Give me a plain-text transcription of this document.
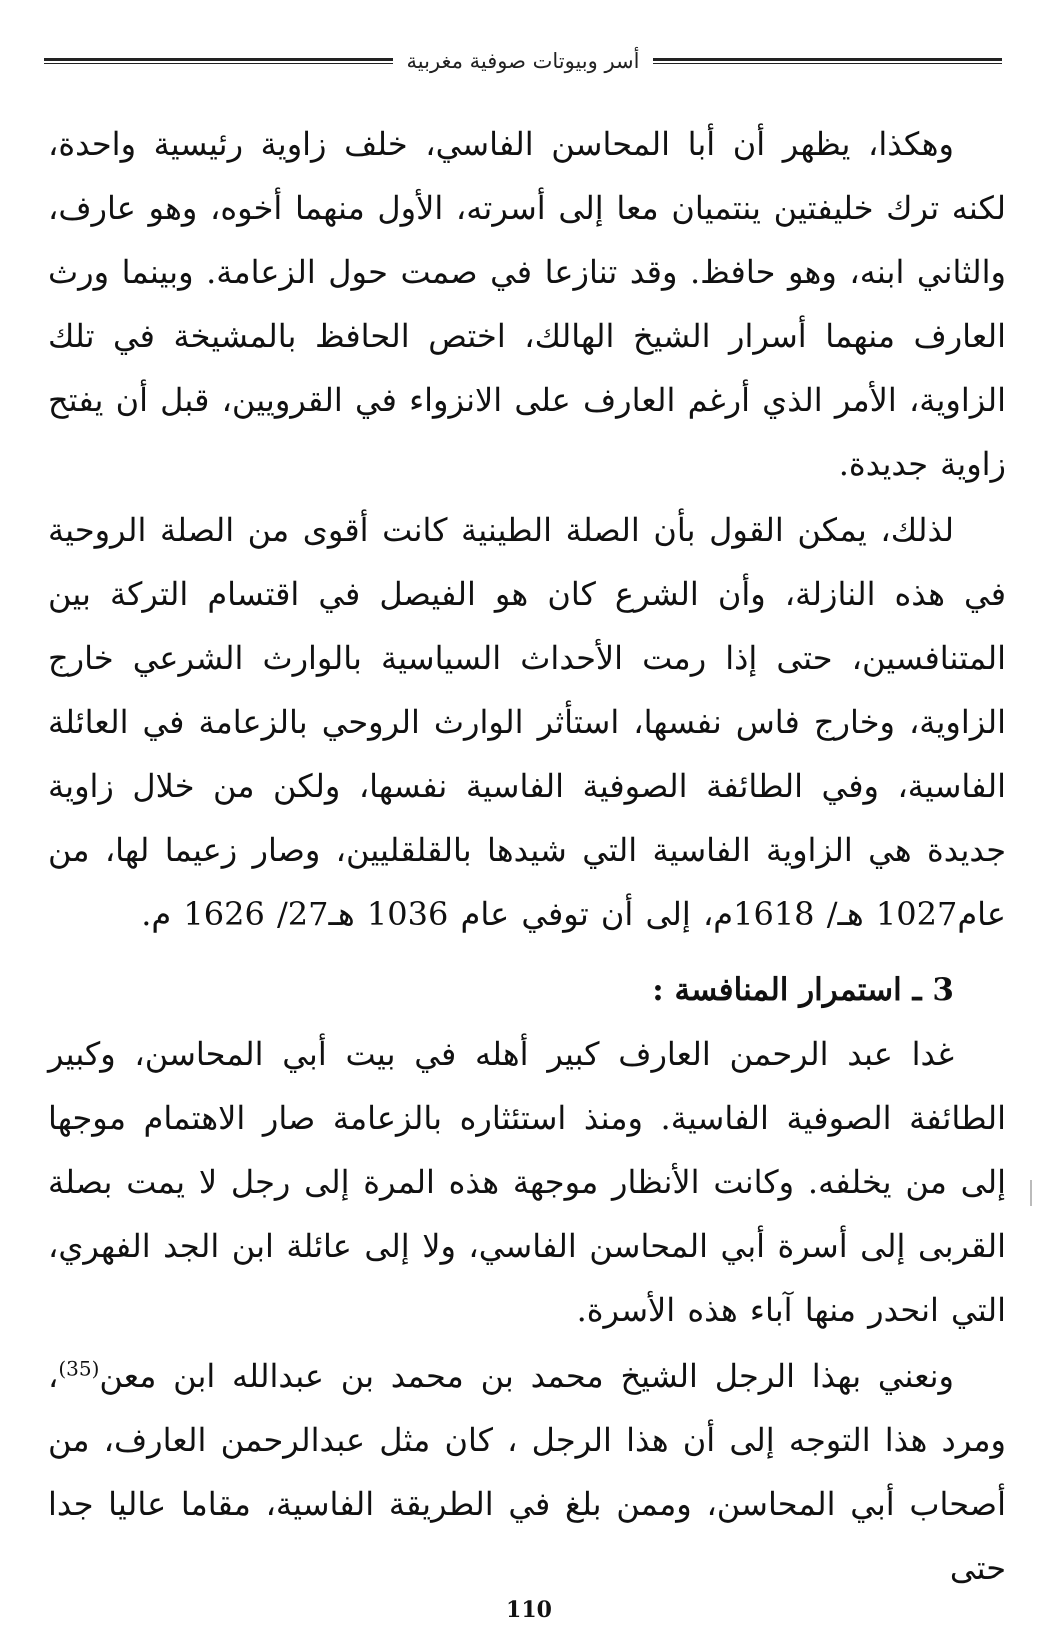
أسر وبيوتات صوفية مغربية

وهكذا، يظهر أن أبا المحاسن الفاسي، خلف زاوية رئيسية واحدة، لكنه ترك خليفتين ينتميان معا إلى أسرته، الأول منهما أخوه، وهو عارف، والثاني ابنه، وهو حافظ. وقد تنازعا في صمت حول الزعامة. وبينما ورث العارف منهما أسرار الشيخ الهالك، اختص الحافظ بالمشيخة في تلك الزاوية، الأمر الذي أرغم العارف على الانزواء في القرويين، قبل أن يفتح زاوية جديدة.

لذلك، يمكن القول بأن الصلة الطينية كانت أقوى من الصلة الروحية في هذه النازلة، وأن الشرع كان هو الفيصل في اقتسام التركة بين المتنافسين، حتى إذا رمت الأحداث السياسية بالوارث الشرعي خارج الزاوية، وخارج فاس نفسها، استأثر الوارث الروحي بالزعامة في العائلة الفاسية، وفي الطائفة الصوفية الفاسية نفسها، ولكن من خلال زاوية جديدة هي الزاوية الفاسية التي شيدها بالقلقليين، وصار زعيما لها، من عام1027 هـ/ 1618م، إلى أن توفي عام 1036 هـ27/ 1626 م.

3 ـ استمرار المنافسة :

غدا عبد الرحمن العارف كبير أهله في بيت أبي المحاسن، وكبير الطائفة الصوفية الفاسية. ومنذ استئثاره بالزعامة صار الاهتمام موجها إلى من يخلفه. وكانت الأنظار موجهة هذه المرة إلى رجل لا يمت بصلة القربى إلى أسرة أبي المحاسن الفاسي، ولا إلى عائلة ابن الجد الفهري، التي انحدر منها آباء هذه الأسرة.

ونعني بهذا الرجل الشيخ محمد بن محمد بن عبدالله ابن معن$^{(35)}$، ومرد هذا التوجه إلى أن هذا الرجل ، كان مثل عبدالرحمن العارف، من أصحاب أبي المحاسن، وممن بلغ في الطريقة الفاسية، مقاما عاليا جدا حتى

110
